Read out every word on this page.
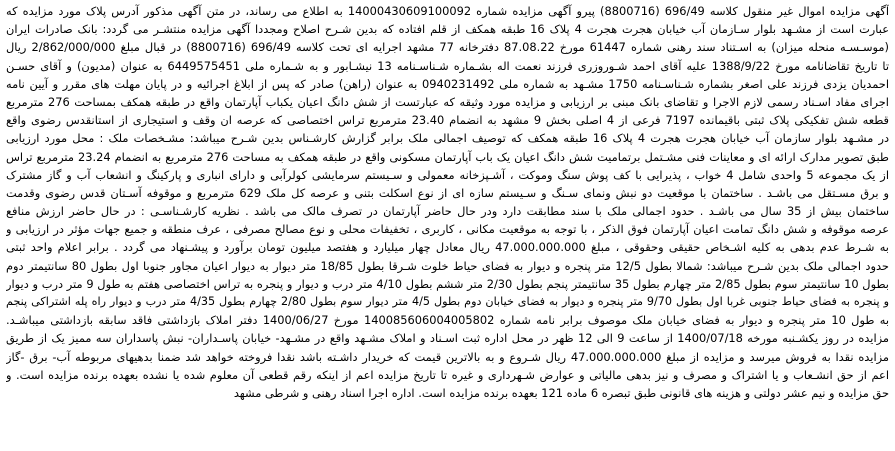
آگهی مزایده اموال غیر منقول کلاسه 696/49 (8800716) پیرو آگهی مزایده شماره 14000430609100092 به اطلاع می رساند، در متن آگهی مذکور آدرس پلاک مورد مزایده که
عبارت است از مشـهد بلوار سـازمان آب خیابان هجرت هجرت 4 پلاک 16 طبقه همکف از قلم افتاده که بدین شـرح اصلاح ومجددا آگهی مزایده منتشـر می گردد: بانک صادرات ایران
(موسـسـه منحله میزان) به اسـتناد سند رهنی شماره 61447 مورخ 87.08.22 دفترخانه 77 مشهد اجرایه ای تحت کلاسه 696/49 (8800716) در قبال مبلغ 2/862/000/000 ریال
تا تاریخ تقاضانامه مورخ 1388/9/22 علیه آقای احمد شـوروزری فرزند نعمت اله بشـماره شـناسـنامه 13 نیشـابور و به شـماره ملی 6449575451 به عنوان (مدیون) و آقای حسـن
احمدیان یزدی فرزند علی اصغر بشماره شـناسـنامه 1750 مشـهد به شماره ملی 0940231492 به عنوان (راهن) صادر که پس از ابلاغ اجرائیه و در پایان مهلت های مقرر و آیین نامه
اجرای مفاد اسـناد رسمی لازم الاجرا و تقاضای بانک مبنی بر ارزیابی و مزایده مورد وثیقه که عبارتست از شش دانگ اعیان یکباب آپارتمان واقع در طبقه همکف بمساحت 276 مترمربع
قطعه شش تفکیکی پلاک ثبتی باقیمانده 7197 فرعی از 4 اصلی بخش 9 مشهد به انضمام 23.40 مترمربع تراس اختصاصی که عرصه ان وقف و استیجاری از استانقدس رضوی واقع
در مشـهد بلوار سازمان آب خیابان هجرت هجرت 4 پلاک 16 طبقه همکف که توصیف اجمالی ملک برابر گزارش کارشـناس بدین شـرح میباشد: مشـخصات ملک : محل مورد ارزیابی
طبق تصویر مدارک ارائه ای و معاینات فنی مشـتمل برتمامیت شش دانگ اعیان یک باب آپارتمان مسکونی واقع در طبقه همکف به مساحت 276 مترمربع به انضمام 23.24 مترمربع تراس
از یک مجموعه 5 واحدی شامل 4 خواب ، پذیرایی با کف پوش سنگ وموکت ، آشـپزخانه معمولی و سـیستم سرمایشی کولرآبی و دارای انباری و پارکینگ و انشعاب آب و گاز مشترک
و برق مسـتقل می باشـد . ساختمان با موقعیت دو نبش ونمای سـنگ و سـیستم سازه ای از نوع اسکلت بتنی و عرصه کل ملک 629 مترمربع و موقوفه آسـتان قدس رضوی وقدمت
ساختمان بیش از 35 سال می باشـد . حدود اجمالی ملک با سند مطابقت دارد ودر حال حاضر آپارتمان در تصرف مالک می باشد . نظریه کارشـناسـی : در حال حاضر ارزش منافع
عرصه موقوفه و شش دانگ تمامت اعیان آپارتمان فوق الذکر ، با توجه به موقعیت مکانی ، کاربری ، تخفیفات محلی و نوع مصالح مصرفی ، عرف منطقه و جمیع جهات مؤثر در ارزیابی و
به شـرط عدم بدهی به کلیه اشـخاص حقیقی وحقوقی ، مبلغ 47.000.000.000 ریال معادل چهار میلیارد و هفتصد میلیون تومان برآورد و پیشـنهاد می گردد . برابر اعلام واحد ثبتی
حدود اجمالی ملک بدین شـرح میباشد: شمالا بطول 12/5 متر پنجره و دیوار به فضای حیاط خلوت شـرقا بطول 18/85 متر دیوار به دیوار اعیان مجاور جنوبا اول بطول 80 سانتیمتر دوم
بطول 10 سانتیمتر سوم بطول 2/85 متر چهارم بطول 35 سانتیمتر پنجم بطول 2/30 متر ششم بطول 4/10 متر درب و دیوار و پنجره به تراس اختصاصی هفتم به طول 9 متر درب و دیوار
و پنجره به فضای حیاط جنوبی غربا اول بطول 9/70 متر پنجره و دیوار به فضای خیابان دوم بطول 4/5 متر دیوار سوم بطول 2/80 چهارم بطول 4/35 متر درب و دیوار راه پله اشتراکی پنجم
به طول 10 متر پنجره و دیوار به فضای خیابان ملک موصوف برابر نامه شماره 140085606004005802 مورخ 1400/06/27 دفتر املاک بازداشتی فاقد سابقه بازداشتی میباشـد.
مزایده در روز یکشـنبه مورخه 1400/07/18 از ساعت 9 الی 12 ظهر در محل اداره ثبت اسـناد و املاک مشـهد واقع در مشـهد- خیابان پاسـداران- نبش پاسداران سه ممیز یک از طریق
مزایده نقدا به فروش میرسد و مزایده از مبلغ 47.000.000.000 ریال شـروع و به بالاترین قیمت که خریدار داشـته باشد نقدا فروخته خواهد شد ضمنا بدهیهای مربوطه آب- برق -گاز
اعم از حق انشـعاب و یا اشتراک و مصرف و نیز بدهی مالیاتی و عوارض شـهرداری و غیره تا تاریخ مزایده اعم از اینکه رقم قطعی آن معلوم شده یا نشده بعهده برنده مزایده است. و
حق مزایده و نیم عشر دولتی و هزینه های قانونی طبق تبصره 6 ماده 121 بعهده برنده مزایده است. اداره اجرا اسناد رهنی و شرطی مشهد
